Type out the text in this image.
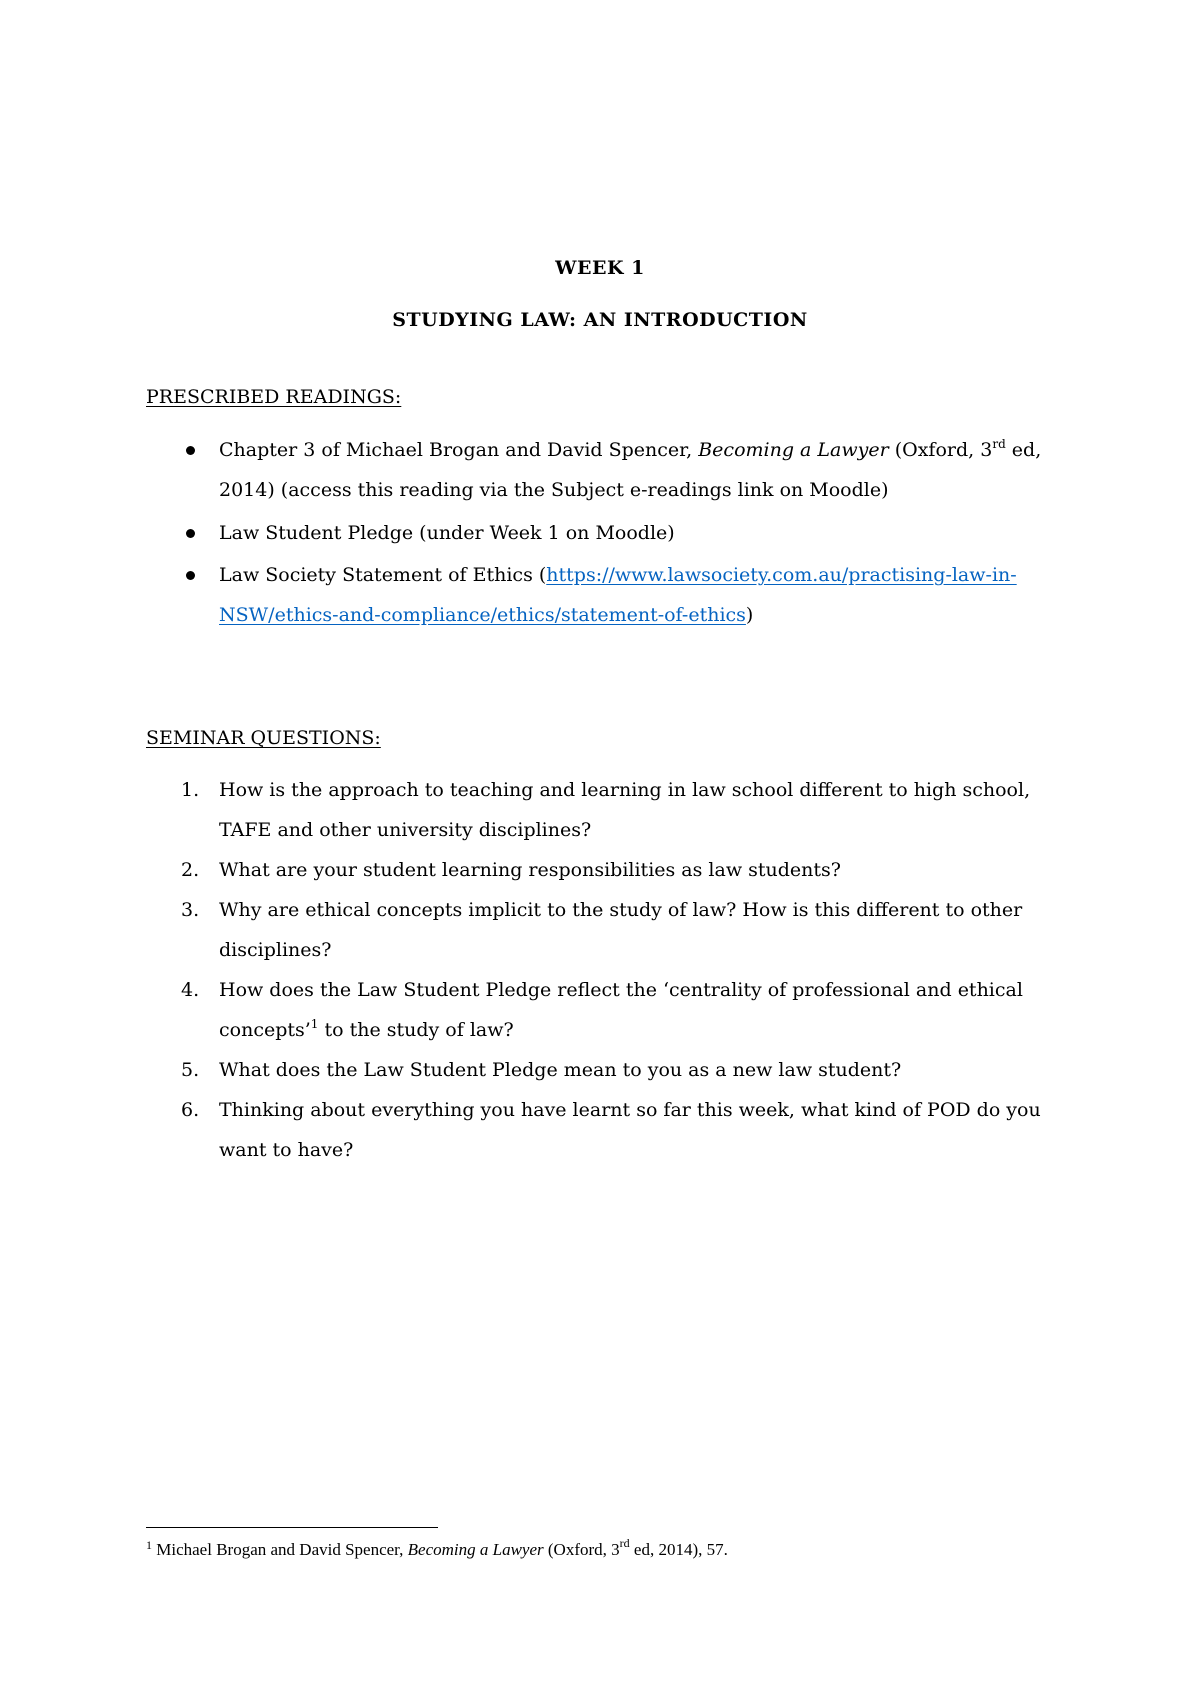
WEEK 1
STUDYING LAW: AN INTRODUCTION
PRESCRIBED READINGS:
Chapter 3 of Michael Brogan and David Spencer, Becoming a Lawyer (Oxford, 3rd ed,
2014) (access this reading via the Subject e-readings link on Moodle)
Law Student Pledge (under Week 1 on Moodle)
Law Society Statement of Ethics (https://www.lawsociety.com.au/practising-law-in-
NSW/ethics-and-compliance/ethics/statement-of-ethics)
SEMINAR QUESTIONS:
1.	How is the approach to teaching and learning in law school different to high school,
TAFE and other university disciplines?
2.	What are your student learning responsibilities as law students?
3.	Why are ethical concepts implicit to the study of law? How is this different to other
disciplines?
4.	How does the Law Student Pledge reflect the ‘centrality of professional and ethical
concepts’$^1$ to the study of law?
5.	What does the Law Student Pledge mean to you as a new law student?
6.	Thinking about everything you have learnt so far this week, what kind of POD do you
want to have?
$^1$ Michael Brogan and David Spencer, Becoming a Lawyer (Oxford, 3rd ed, 2014), 57.
